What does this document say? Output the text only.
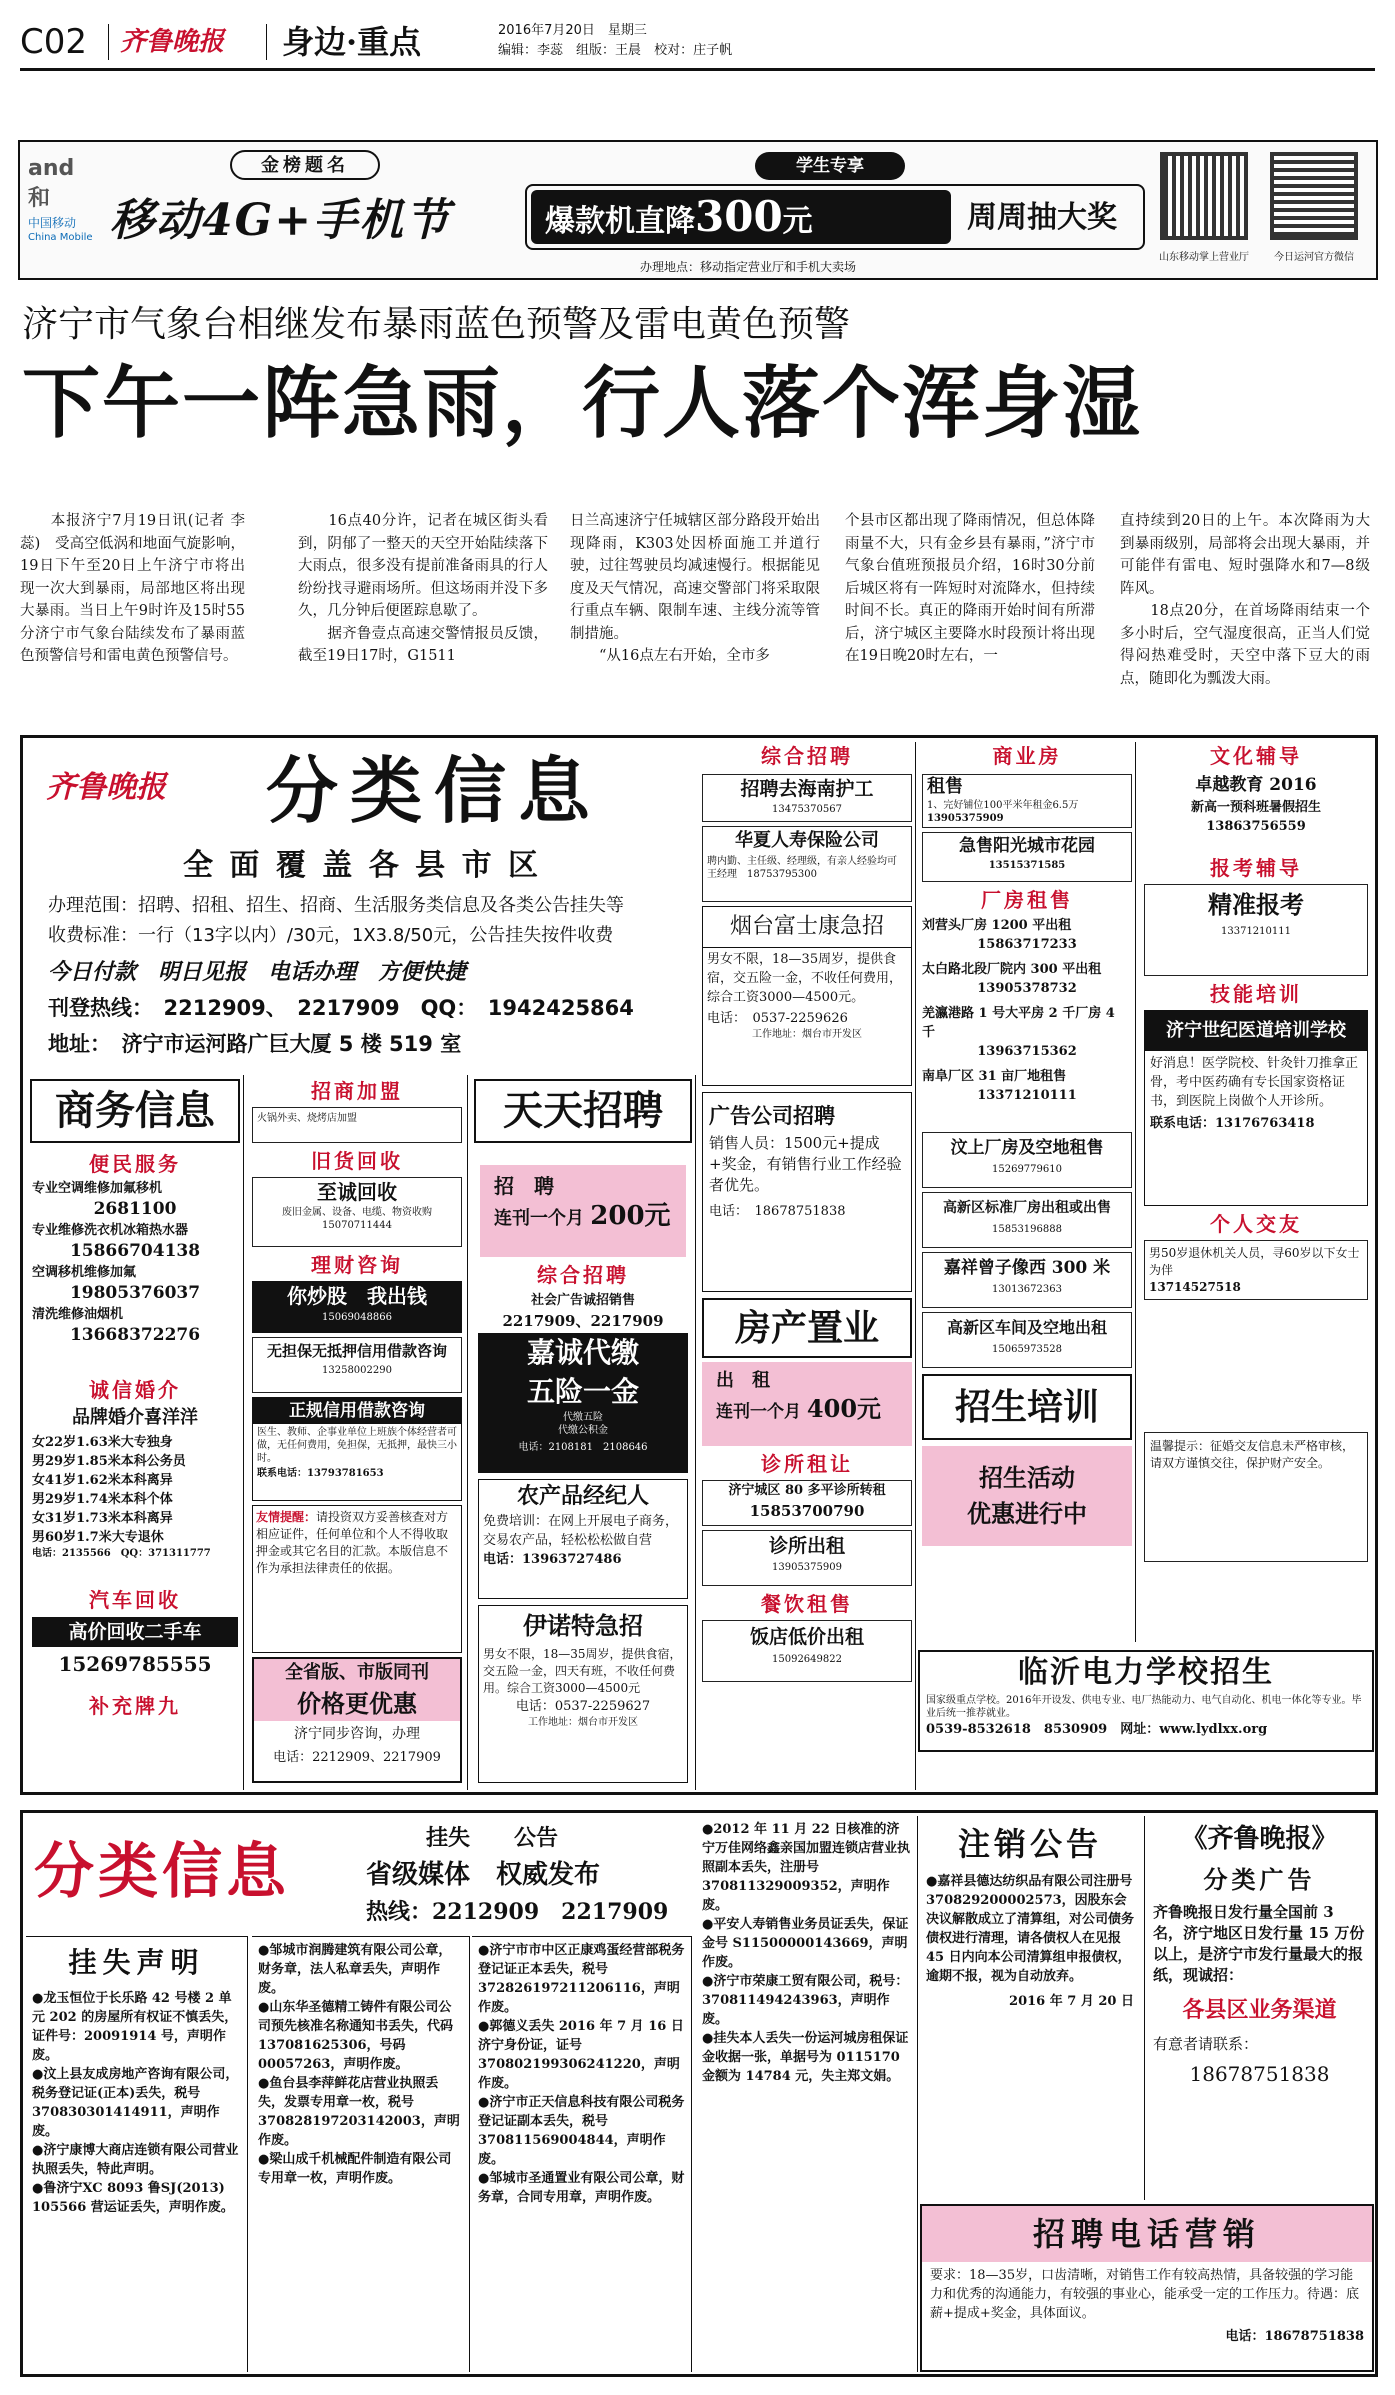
C02 齐鲁晚报 身边·重点	2016年7月20日　 星期三
编辑：李蕊　 组版：王晨　 校对：庄子帆
and和
中国移动
China Mobile
金榜题名
移动4G+手机节
学生专享
爆款机直降300元	周周抽大奖
办理地点：移动指定营业厅和手机大卖场
山东移动掌上营业厅	今日运河官方微信
济宁市气象台相继发布暴雨蓝色预警及雷电黄色预警
下午一阵急雨，行人落个浑身湿
　　本报济宁7月19日讯(记者 李蕊)　受高空低涡和地面气旋影响，19日下午至20日上午济宁市将出现一次大到暴雨，局部地区将出现大暴雨。当日上午9时许及15时55分济宁市气象台陆续发布了暴雨蓝色预警信号和雷电黄色预警信号。
　　16点40分许，记者在城区街头看到，阴郁了一整天的天空开始陆续落下大雨点，很多没有提前准备雨具的行人纷纷找寻避雨场所。但这场雨并没下多久，几分钟后便匿踪息歇了。
　　据齐鲁壹点高速交警情报员反馈，截至19日17时，G1511
日兰高速济宁任城辖区部分路段开始出现降雨，K303处因桥面施工并道行驶，过往驾驶员均减速慢行。根据能见度及天气情况，高速交警部门将采取限行重点车辆、限制车速、主线分流等管制措施。
　　“从16点左右开始，全市多
个县市区都出现了降雨情况，但总体降雨量不大，只有金乡县有暴雨，”济宁市气象台值班预报员介绍，16时30分前后城区将有一阵短时对流降水，但持续时间不长。真正的降雨开始时间有所滞后，济宁城区主要降水时段预计将出现在19日晚20时左右，一
直持续到20日的上午。本次降雨为大到暴雨级别，局部将会出现大暴雨，并可能伴有雷电、短时强降水和7—8级阵风。
　　18点20分，在首场降雨结束一个多小时后，空气湿度很高，正当人们觉得闷热难受时，天空中落下豆大的雨点，随即化为瓢泼大雨。
齐鲁晚报 分类信息
全 面 覆 盖 各 县 市 区
办理范围：招聘、招租、招生、招商、生活服务类信息及各类公告挂失等
收费标准：一行（13字以内）/30元，1X3.8/50元，公告挂失按件收费
今日付款　明日见报　电话办理　方便快捷
刊登热线：　2212909、　2217909　QQ：　1942425864
地址：　济宁市运河路广巨大厦 5 楼 519 室
商务信息
便民服务
专业空调维修加氟移机
2681100
专业维修洗衣机冰箱热水器
15866704138
空调移机维修加氟
19805376037
清洗维修油烟机
13668372276
诚信婚介
品牌婚介喜洋洋
女22岁1.63米大专独身
男29岁1.85米本科公务员
女41岁1.62米本科离异
男29岁1.74米本科个体
女31岁1.73米本科离异
男60岁1.7米大专退休
电话：2135566　QQ：371311777
汽车回收
高价回收二手车
15269785555
补充牌九
招商加盟
火锅外卖、烧烤店加盟
旧货回收
至诚回收
废旧金属、设备、电缆、物资收购
15070711444
理财咨询
你炒股　我出钱
15069048866
无担保无抵押信用借款咨询
13258002290
正规信用借款咨询
医生、教师、企事业单位上班族个体经营者可做，无任何费用，免担保，无抵押，最快三小时。
联系电话：13793781653
友情提醒：请投资双方妥善核查对方相应证件，任何单位和个人不得收取押金或其它名目的汇款。本版信息不作为承担法律责任的依据。
全省版、市版同刊
价格更优惠
济宁同步咨询，办理
电话：2212909、2217909
天天招聘
招　聘
连刊一个月 200元
综合招聘
社会广告诚招销售
2217909、2217909
嘉诚代缴
五险一金
代缴五险
代缴公积金
电话：2108181　2108646
农产品经纪人
免费培训：在网上开展电子商务，交易农产品，轻松松松做自营
电话：13963727486
伊诺特急招
男女不限，18—35周岁，提供食宿，交五险一金，四天有班，不收任何费用。综合工资3000—4500元
电话：0537-2259627
工作地址：烟台市开发区
综合招聘
招聘去海南护工
13475370567
华夏人寿保险公司
聘内勤、主任级、经理级，有亲人经验均可
王经理　18753795300
烟台富士康急招
男女不限，18—35周岁，提供食宿，交五险一金，不收任何费用，综合工资3000—4500元。
电话：　0537-2259626
工作地址：烟台市开发区
广告公司招聘
销售人员：1500元+提成+奖金，有销售行业工作经验者优先。
电话：　18678751838
房产置业
出　租
连刊一个月 400元
诊所租让
济宁城区 80 多平诊所转租
15853700790
诊所出租
13905375909
餐饮租售
饭店低价出租
15092649822
商业房
租售
1、完好铺位100平米年租金6.5万
13905375909
急售阳光城市花园
13515371585
厂房租售
刘营头厂房 1200 平出租
15863717233
太白路北段厂院内 300 平出租
13905378732
羌瀛港路 1 号大平房 2 千厂房 4 千
13963715362
南阜厂区 31 亩厂地租售
13371210111
汶上厂房及空地租售
15269779610
高新区标准厂房出租或出售
15853196888
嘉祥曾子像西 300 米
13013672363
高新区车间及空地出租
15065973528
招生培训
招生活动
优惠进行中
文化辅导
卓越教育 2016
新高一预科班暑假招生
13863756559
报考辅导
精准报考
13371210111
技能培训
济宁世纪医道培训学校
好消息！医学院校、针灸针刀推拿正骨，考中医药确有专长国家资格证书，到医院上岗做个人开诊所。
联系电话：13176763418
个人交友
男50岁退休机关人员，寻60岁以下女士为伴
13714527518
温馨提示：征婚交友信息未严格审核，请双方谨慎交往，保护财产安全。
临沂电力学校招生
国家级重点学校。2016年开设发、供电专业、电厂热能动力、电气自动化、机电一体化等专业。毕业后统一推荐就业。
0539-8532618　8530909　 网址：www.lydlxx.org
分类信息	挂失　　公告
省级媒体　权威发布
热线：2212909　2217909
挂失声明
●龙玉恒位于长乐路 42 号楼 2 单元 202 的房屋所有权证不慎丢失，证件号：20091914 号，声明作废。
●汶上县友成房地产咨询有限公司，税务登记证(正本)丢失，税号 370830301414911，声明作废。
●济宁康博大商店连锁有限公司营业执照丢失，特此声明。
●鲁济宁XC 8093 鲁SJ(2013) 105566 营运证丢失，声明作废。
●邹城市润腾建筑有限公司公章，财务章，法人私章丢失，声明作废。
●山东华圣德精工铸件有限公司公司预先核准名称通知书丢失，代码 137081625306，号码 00057263，声明作废。
●鱼台县李萍鲜花店营业执照丢失，发票专用章一枚，税号 370828197203142003，声明作废。
●梁山成千机械配件制造有限公司专用章一枚，声明作废。
●济宁市市中区正康鸡蛋经营部税务登记证正本丢失，税号 372826197211206116，声明作废。
●郭德义丢失 2016 年 7 月 16 日济宁身份证，证号 370802199306241220，声明作废。
●济宁市正天信息科技有限公司税务登记证副本丢失，税号 370811569004844，声明作废。
●邹城市圣通置业有限公司公章，财务章，合同专用章，声明作废。
●2012 年 11 月 22 日核准的济宁万佳网络鑫亲国加盟连锁店营业执照副本丢失，注册号 370811329009352，声明作废。
●平安人寿销售业务员证丢失，保证金号 S11500000143669，声明作废。
●济宁市荣康工贸有限公司，税号：370811494243963，声明作废。
●挂失本人丢失一份运河城房租保证金收据一张，单据号为 0115170 金额为 14784 元，失主郑文娟。
注销公告
●嘉祥县德达纺织品有限公司注册号 370829200002573，因股东会决议解散成立了清算组，对公司债务债权进行清理，请各债权人在见报 45 日内向本公司清算组申报债权，逾期不报，视为自动放弃。
2016 年 7 月 20 日
《齐鲁晚报》
分类广告
齐鲁晚报日发行量全国前 3 名，济宁地区日发行量 15 万份以上，是济宁市发行量最大的报纸，现诚招：
各县区业务渠道
有意者请联系：
18678751838
招聘电话营销
要求：18—35岁，口齿清晰，对销售工作有较高热情，具备较强的学习能力和优秀的沟通能力，有较强的事业心，能承受一定的工作压力。待遇：底薪+提成+奖金，具体面议。
电话：18678751838
